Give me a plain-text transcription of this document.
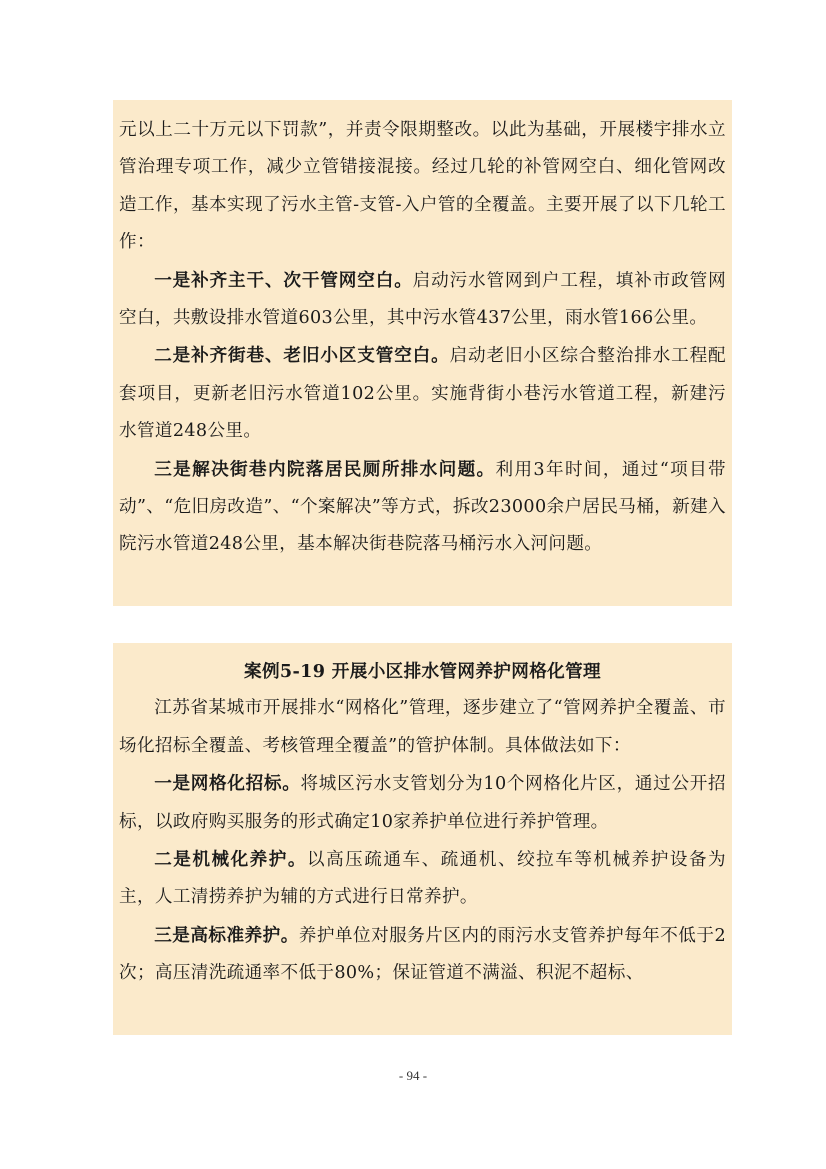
元以上二十万元以下罚款”，并责令限期整改。以此为基础，开展楼宇排水立管治理专项工作，减少立管错接混接。经过几轮的补管网空白、细化管网改造工作，基本实现了污水主管-支管-入户管的全覆盖。主要开展了以下几轮工作：

一是补齐主干、次干管网空白。启动污水管网到户工程，填补市政管网空白，共敷设排水管道603公里，其中污水管437公里，雨水管166公里。

二是补齐街巷、老旧小区支管空白。启动老旧小区综合整治排水工程配套项目，更新老旧污水管道102公里。实施背街小巷污水管道工程，新建污水管道248公里。

三是解决街巷内院落居民厕所排水问题。利用3年时间，通过“项目带动”、“危旧房改造”、“个案解决”等方式，拆改23000余户居民马桶，新建入院污水管道248公里，基本解决街巷院落马桶污水入河问题。

案例5-19 开展小区排水管网养护网格化管理

江苏省某城市开展排水“网格化”管理，逐步建立了“管网养护全覆盖、市场化招标全覆盖、考核管理全覆盖”的管护体制。具体做法如下：

一是网格化招标。将城区污水支管划分为10个网格化片区，通过公开招标，以政府购买服务的形式确定10家养护单位进行养护管理。

二是机械化养护。以高压疏通车、疏通机、绞拉车等机械养护设备为主，人工清捞养护为辅的方式进行日常养护。

三是高标准养护。养护单位对服务片区内的雨污水支管养护每年不低于2次；高压清洗疏通率不低于80%；保证管道不满溢、积泥不超标、

- 94 -
